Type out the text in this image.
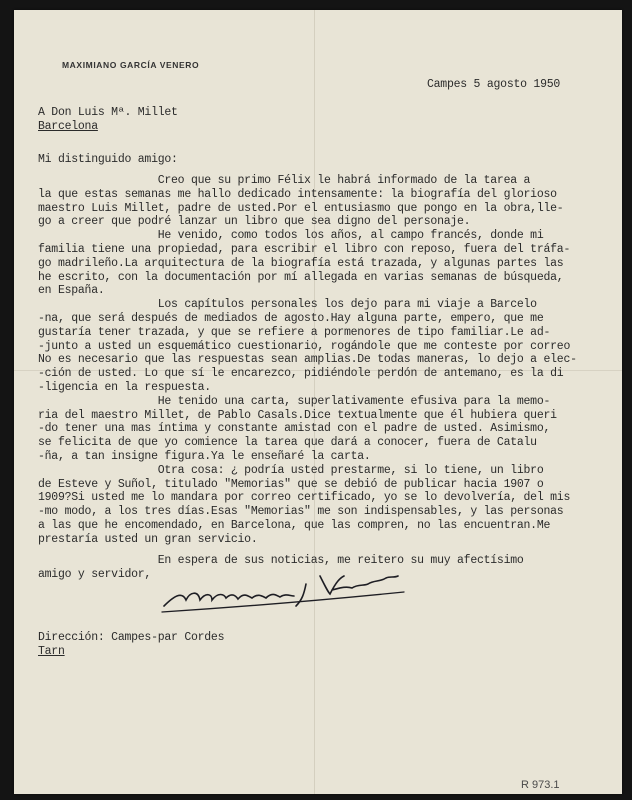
MAXIMIANO GARCÍA VENERO

Campes 5 agosto 1950

A Don Luis Mª. Millet

Barcelona

Mi distinguido amigo:

Creo que su primo Félix le habrá informado de la tarea a
la que estas semanas me hallo dedicado intensamente: la biografía del glorioso
maestro Luis Millet, padre de usted.Por el entusiasmo que pongo en la obra,lle-
go a creer que podré lanzar un libro que sea digno del personaje.
He venido, como todos los años, al campo francés, donde mi
familia tiene una propiedad, para escribir el libro con reposo, fuera del tráfa-
go madrileño.La arquitectura de la biografía está trazada, y algunas partes las
he escrito, con la documentación por mí allegada en varias semanas de búsqueda,
en España.
Los capítulos personales los dejo para mi viaje a Barcelo
-na, que será después de mediados de agosto.Hay alguna parte, empero, que me
gustaría tener trazada, y que se refiere a pormenores de tipo familiar.Le ad-
-junto a usted un esquemático cuestionario, rogándole que me conteste por correo
No es necesario que las respuestas sean amplias.De todas maneras, lo dejo a elec-
-ción de usted. Lo que sí le encarezco, pidiéndole perdón de antemano, es la di
-ligencia en la respuesta.
He tenido una carta, superlativamente efusiva para la memo-
ria del maestro Millet, de Pablo Casals.Dice textualmente que él hubiera queri
-do tener una mas íntima y constante amistad con el padre de usted. Asimismo,
se felicita de que yo comience la tarea que dará a conocer, fuera de Catalu
-ña, a tan insigne figura.Ya le enseñaré la carta.
Otra cosa: ¿ podría usted prestarme, si lo tiene, un libro
de Esteve y Suñol, titulado "Memorias" que se debió de publicar hacia 1907 o
1909?Si usted me lo mandara por correo certificado, yo se lo devolvería, del mis
-mo modo, a los tres días.Esas "Memorias" me son indispensables, y las personas
a las que he encomendado, en Barcelona, que las compren, no las encuentran.Me
prestaría usted un gran servicio.

En espera de sus noticias, me reitero su muy afectísimo
amigo y servidor,

Dirección: Campes-par Cordes

Tarn

R 973.1
